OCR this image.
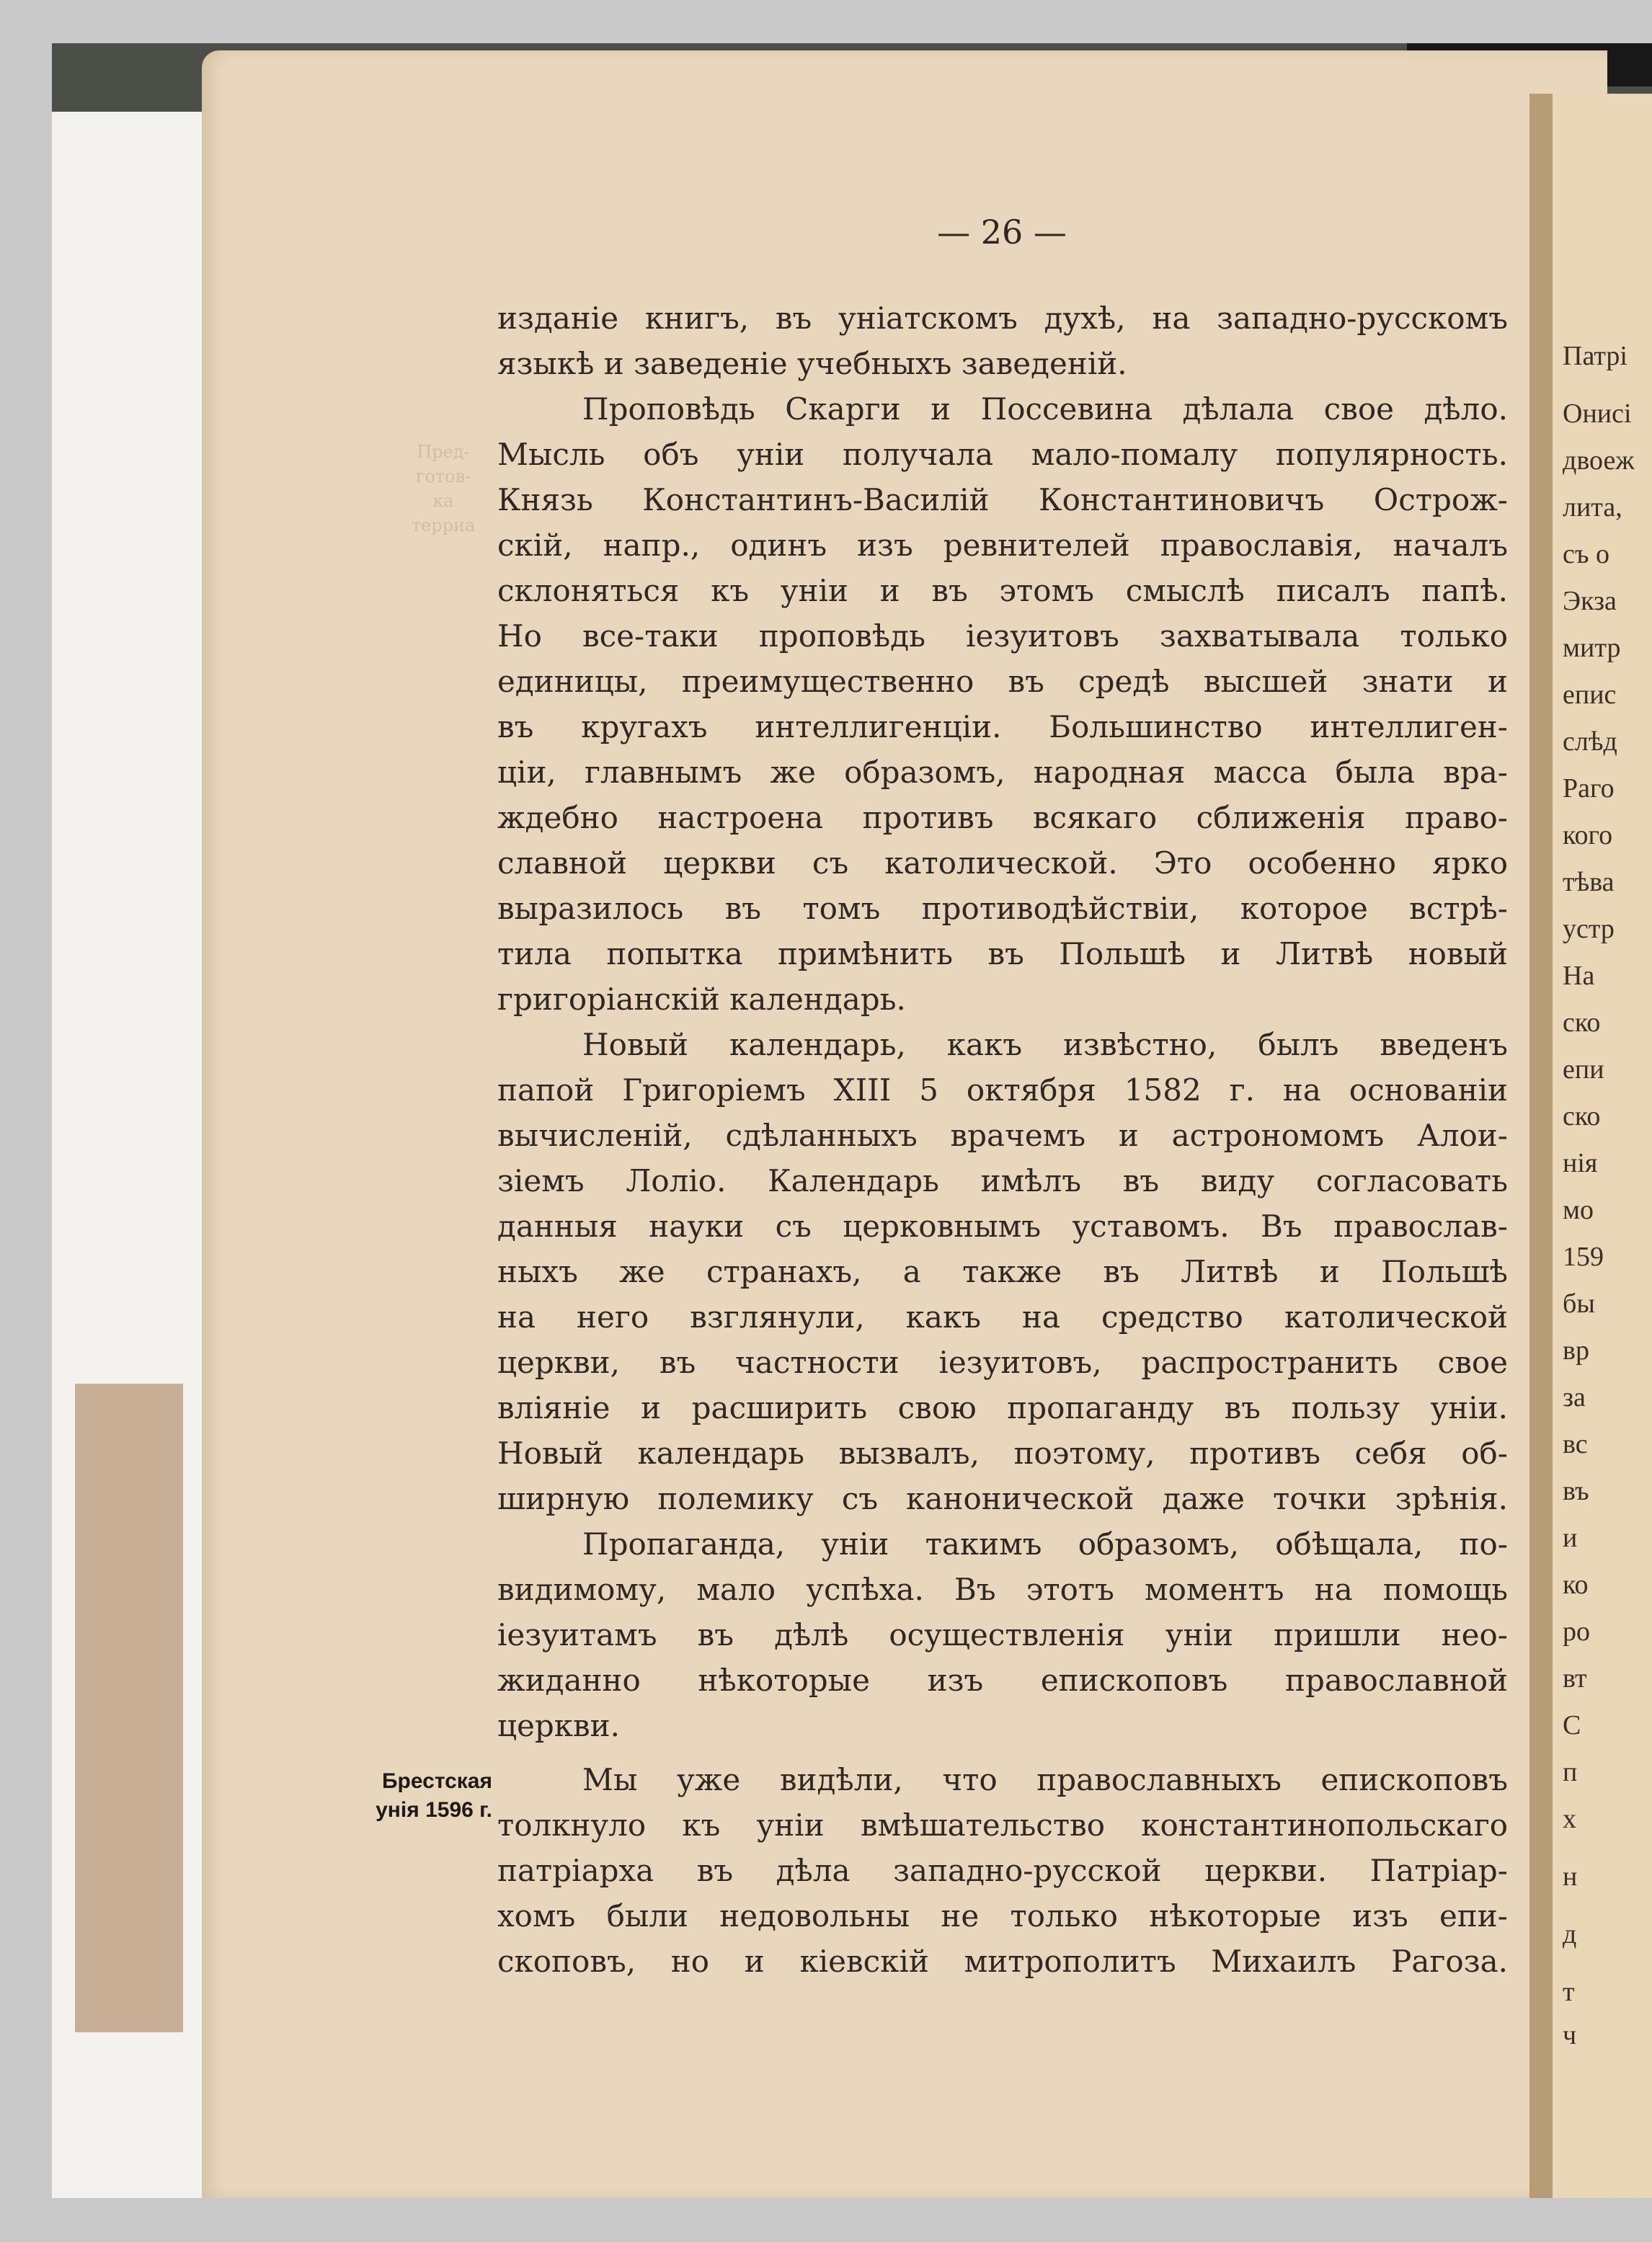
Патрі
Онисі
двоеж
лита,
съ о
Экза
митр
епис
слѣд
Раго
кого
тѣва
устр
На
ско
епи
ско
нія
мо
159
бы
вр
за
вс
въ
и
ко
ро
вт
С
п
х
н
д
т
ч
— 26 —
Пред-
готов-
ка
терриа
изданіе книгъ, въ уніатскомъ духѣ, на западно-русскомъ
языкѣ и заведеніе учебныхъ заведеній.
Проповѣдь Скарги и Поссевина дѣлала свое дѣло.
Мысль объ уніи получала мало-помалу популярность.
Князь Константинъ-Василій Константиновичъ Острож-
скій, напр., одинъ изъ ревнителей православія, началъ
склоняться къ уніи и въ этомъ смыслѣ писалъ папѣ.
Но все-таки проповѣдь іезуитовъ захватывала только
единицы, преимущественно въ средѣ высшей знати и
въ кругахъ интеллигенціи. Большинство интеллиген-
ціи, главнымъ же образомъ, народная масса была вра-
ждебно настроена противъ всякаго сближенія право-
славной церкви съ католической. Это особенно ярко
выразилось въ томъ противодѣйствіи, которое встрѣ-
тила попытка примѣнить въ Польшѣ и Литвѣ новый
григоріанскій календарь.
Новый календарь, какъ извѣстно, былъ введенъ
папой Григоріемъ XIII 5 октября 1582 г. на основаніи
вычисленій, сдѣланныхъ врачемъ и астрономомъ Алои-
зіемъ Лоліо. Календарь имѣлъ въ виду согласовать
данныя науки съ церковнымъ уставомъ. Въ православ-
ныхъ же странахъ, а также въ Литвѣ и Польшѣ
на него взглянули, какъ на средство католической
церкви, въ частности іезуитовъ, распространить свое
вліяніе и расширить свою пропаганду въ пользу уніи.
Новый календарь вызвалъ, поэтому, противъ себя об-
ширную полемику съ канонической даже точки зрѣнія.
Пропаганда, уніи такимъ образомъ, обѣщала, по-
видимому, мало успѣха. Въ этотъ моментъ на помощь
іезуитамъ въ дѣлѣ осуществленія уніи пришли нео-
жиданно нѣкоторые изъ епископовъ православной
церкви.
Мы уже видѣли, что православныхъ епископовъ
толкнуло къ уніи вмѣшательство константинопольскаго
патріарха въ дѣла западно-русской церкви. Патріар-
хомъ были недовольны не только нѣкоторые изъ епи-
скоповъ, но и кіевскій митрополитъ Михаилъ Рагоза.
Брестская
унія 1596 г.
